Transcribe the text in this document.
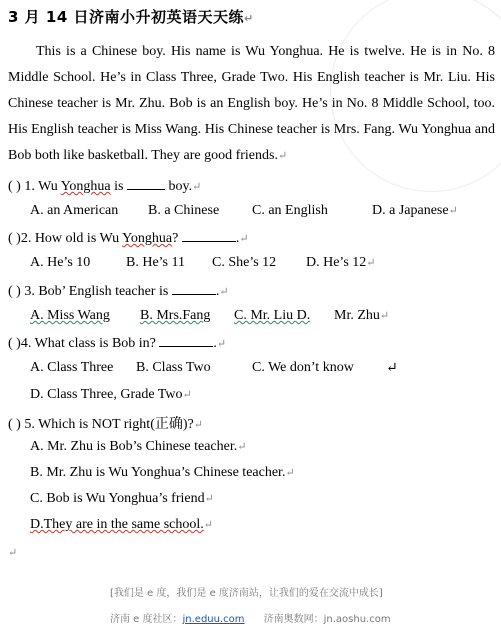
3 月 14 日济南小升初英语天天练↵
This is a Chinese boy. His name is Wu Yonghua. He is twelve. He is in No. 8 Middle School. He’s in Class Three, Grade Two. His English teacher is Mr. Liu. His Chinese teacher is Mr. Zhu. Bob is an English boy. He’s in No. 8 Middle School, too. His English teacher is Miss Wang. His Chinese teacher is Mrs. Fang. Wu Yonghua and Bob both like basketball. They are good friends.↵
( ) 1. Wu Yonghua is	boy.↵
A. an American B. a Chinese C. an English	D. a Japanese↵
( )2. How old is Wu Yonghua?	.↵
A. He’s 10	B. He’s 11 C. She’s 12 D. He’s 12↵
( ) 3. Bob’ English teacher is	.↵
A. Miss Wang B. Mrs.Fang C. Mr. Liu D. Mr. Zhu↵
( )4. What class is Bob in?	.↵
A. Class Three B. Class Two	C. We don’t know ↵
D. Class Three, Grade Two↵
( ) 5. Which is NOT right(正确)?↵
A. Mr. Zhu is Bob’s Chinese teacher.↵
B. Mr. Zhu is Wu Yonghua’s Chinese teacher.↵
C. Bob is Wu Yonghua’s friend↵
D.They are in the same school.↵
↵
[我们是 e 度，我们是 e 度济南站，让我们的爱在交流中成长]
济南 e 度社区：jn.eduu.com 济南奥数网：jn.aoshu.com
